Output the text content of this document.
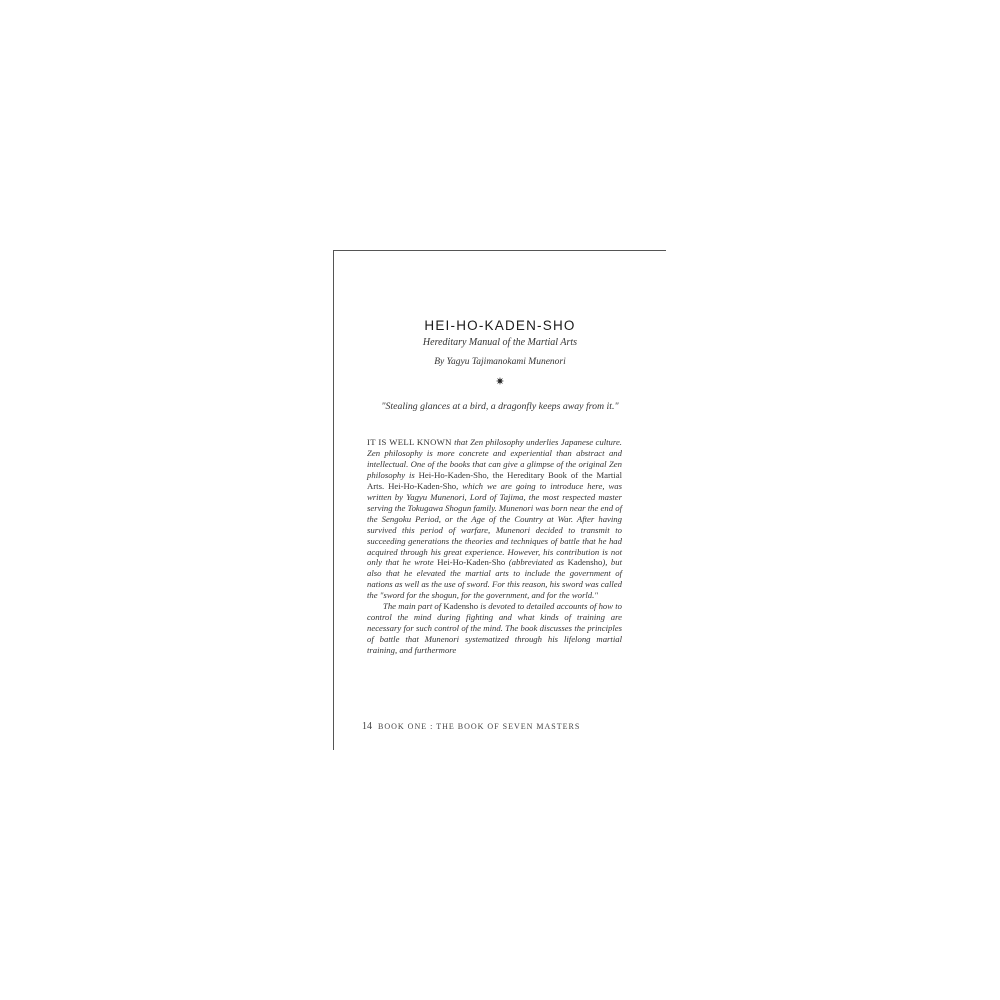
HEI-HO-KADEN-SHO
Hereditary Manual of the Martial Arts
By Yagyu Tajimanokami Munenori
✷
"Stealing glances at a bird, a dragonfly keeps away from it."

IT IS WELL KNOWN that Zen philosophy underlies Japanese culture. Zen philosophy is more concrete and experiential than abstract and intellectual. One of the books that can give a glimpse of the original Zen philosophy is Hei-Ho-Kaden-Sho, the Hereditary Book of the Martial Arts. Hei-Ho-Kaden-Sho, which we are going to introduce here, was written by Yagyu Munenori, Lord of Tajima, the most respected master serving the Tokugawa Shogun family. Munenori was born near the end of the Sengoku Period, or the Age of the Country at War. After having survived this period of warfare, Munenori decided to transmit to succeeding generations the theories and techniques of battle that he had acquired through his great experience. However, his contribution is not only that he wrote Hei-Ho-Kaden-Sho (abbreviated as Kadensho), but also that he elevated the martial arts to include the government of nations as well as the use of sword. For this reason, his sword was called the "sword for the shogun, for the government, and for the world."

The main part of Kadensho is devoted to detailed accounts of how to control the mind during fighting and what kinds of training are necessary for such control of the mind. The book discusses the principles of battle that Munenori systematized through his lifelong martial training, and furthermore

14 BOOK ONE : THE BOOK OF SEVEN MASTERS
